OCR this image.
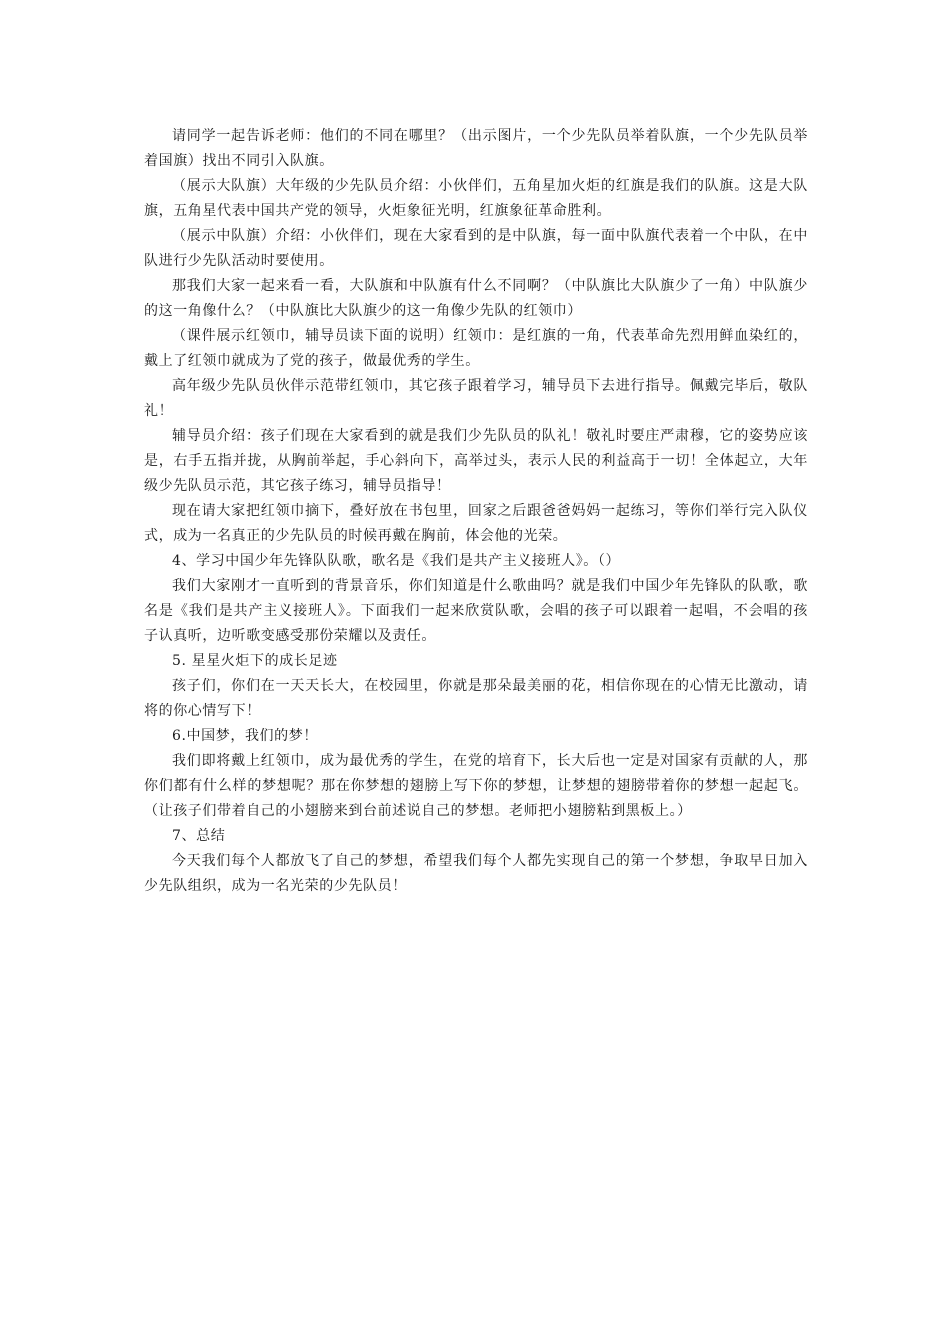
请同学一起告诉老师：他们的不同在哪里？（出示图片，一个少先队员举着队旗，一个少先队员举着国旗）找出不同引入队旗。

（展示大队旗）大年级的少先队员介绍：小伙伴们，五角星加火炬的红旗是我们的队旗。这是大队旗，五角星代表中国共产党的领导，火炬象征光明，红旗象征革命胜利。

（展示中队旗）介绍：小伙伴们，现在大家看到的是中队旗，每一面中队旗代表着一个中队，在中队进行少先队活动时要使用。

那我们大家一起来看一看，大队旗和中队旗有什么不同啊？（中队旗比大队旗少了一角）中队旗少的这一角像什么？（中队旗比大队旗少的这一角像少先队的红领巾）

（课件展示红领巾，辅导员读下面的说明）红领巾：是红旗的一角，代表革命先烈用鲜血染红的，戴上了红领巾就成为了党的孩子，做最优秀的学生。

高年级少先队员伙伴示范带红领巾，其它孩子跟着学习，辅导员下去进行指导。佩戴完毕后，敬队礼！

辅导员介绍：孩子们现在大家看到的就是我们少先队员的队礼！敬礼时要庄严肃穆，它的姿势应该是，右手五指并拢，从胸前举起，手心斜向下，高举过头，表示人民的利益高于一切！全体起立，大年级少先队员示范，其它孩子练习，辅导员指导！

现在请大家把红领巾摘下，叠好放在书包里，回家之后跟爸爸妈妈一起练习，等你们举行完入队仪式，成为一名真正的少先队员的时候再戴在胸前，体会他的光荣。

4、学习中国少年先锋队队歌，歌名是《我们是共产主义接班人》。（）

我们大家刚才一直听到的背景音乐，你们知道是什么歌曲吗？就是我们中国少年先锋队的队歌，歌名是《我们是共产主义接班人》。下面我们一起来欣赏队歌，会唱的孩子可以跟着一起唱，不会唱的孩子认真听，边听歌变感受那份荣耀以及责任。

5. 星星火炬下的成长足迹

孩子们，你们在一天天长大，在校园里，你就是那朵最美丽的花，相信你现在的心情无比激动，请将的你心情写下！

6.中国梦，我们的梦！

我们即将戴上红领巾，成为最优秀的学生，在党的培育下，长大后也一定是对国家有贡献的人，那你们都有什么样的梦想呢？那在你梦想的翅膀上写下你的梦想，让梦想的翅膀带着你的梦想一起起飞。（让孩子们带着自己的小翅膀来到台前述说自己的梦想。老师把小翅膀粘到黑板上。）

7、总结

今天我们每个人都放飞了自己的梦想，希望我们每个人都先实现自己的第一个梦想，争取早日加入少先队组织，成为一名光荣的少先队员！
